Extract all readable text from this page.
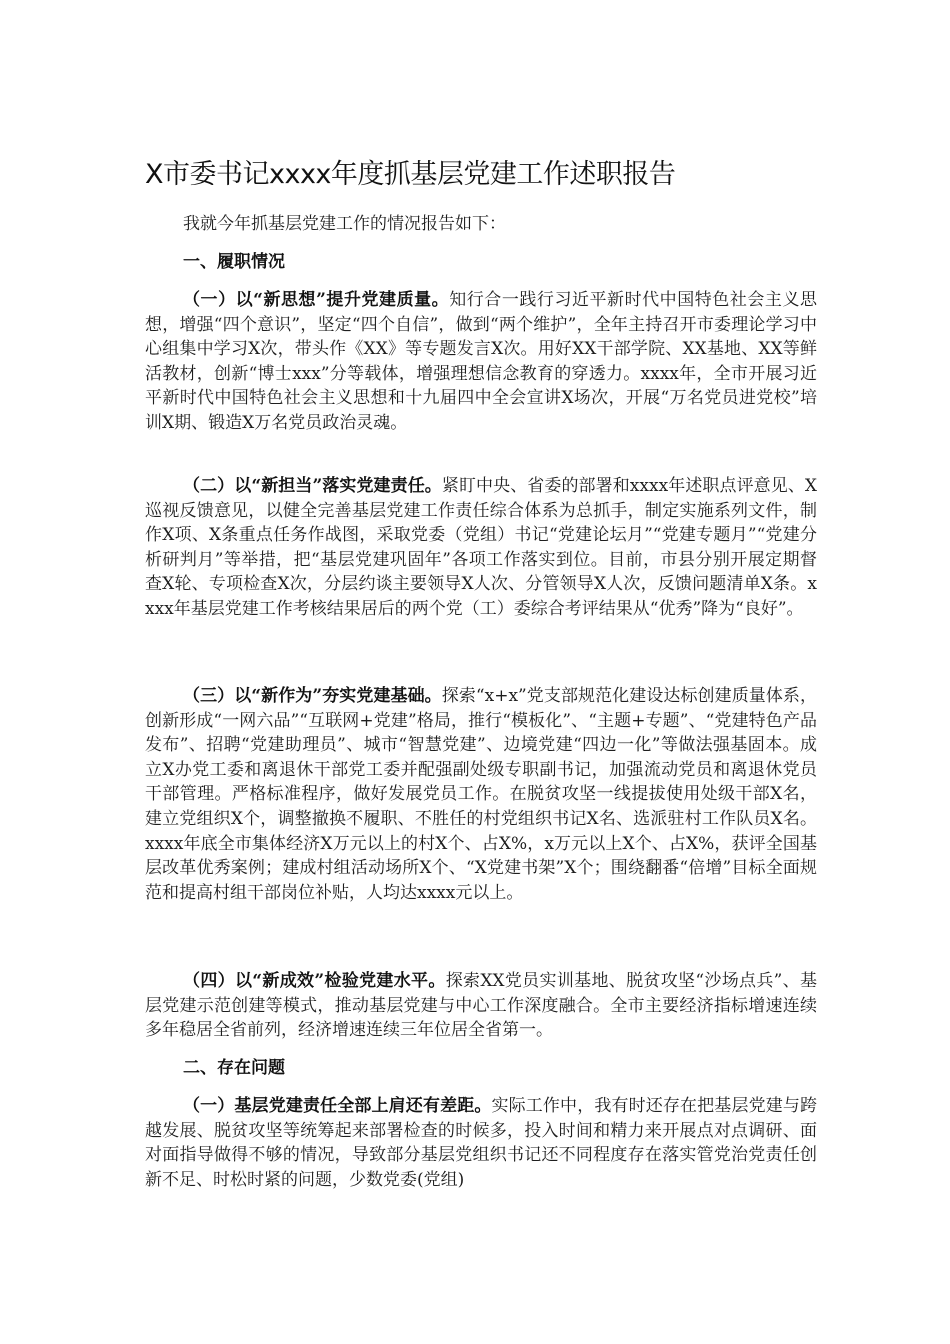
X市委书记xxxx年度抓基层党建工作述职报告

我就今年抓基层党建工作的情况报告如下：

一、履职情况

（一）以“新思想”提升党建质量。知行合一践行习近平新时代中国特色社会主义思想，增强“四个意识”，坚定“四个自信”，做到“两个维护”，全年主持召开市委理论学习中心组集中学习X次，带头作《XX》等专题发言X次。用好XX干部学院、XX基地、XX等鲜活教材，创新“博士xxx”分等载体，增强理想信念教育的穿透力。xxxx年，全市开展习近平新时代中国特色社会主义思想和十九届四中全会宣讲X场次，开展“万名党员进党校”培训X期、锻造X万名党员政治灵魂。

（二）以“新担当”落实党建责任。紧盯中央、省委的部署和xxxx年述职点评意见、X巡视反馈意见，以健全完善基层党建工作责任综合体系为总抓手，制定实施系列文件，制作X项、X条重点任务作战图，采取党委（党组）书记“党建论坛月”“党建专题月”“党建分析研判月”等举措，把“基层党建巩固年”各项工作落实到位。目前，市县分别开展定期督查X轮、专项检查X次，分层约谈主要领导X人次、分管领导X人次，反馈问题清单X条。xxxx年基层党建工作考核结果居后的两个党（工）委综合考评结果从“优秀”降为“良好”。

（三）以“新作为”夯实党建基础。探索“x+x”党支部规范化建设达标创建质量体系，创新形成“一网六品”“互联网+党建”格局，推行“模板化”、“主题+专题”、“党建特色产品发布”、招聘“党建助理员”、城市“智慧党建”、边境党建“四边一化”等做法强基固本。成立X办党工委和离退休干部党工委并配强副处级专职副书记，加强流动党员和离退休党员干部管理。严格标准程序，做好发展党员工作。在脱贫攻坚一线提拔使用处级干部X名，建立党组织X个，调整撤换不履职、不胜任的村党组织书记X名、选派驻村工作队员X名。xxxx年底全市集体经济X万元以上的村X个、占X%，x万元以上X个、占X%，获评全国基层改革优秀案例；建成村组活动场所X个、“X党建书架”X个；围绕翻番“倍增”目标全面规范和提高村组干部岗位补贴，人均达xxxx元以上。

（四）以“新成效”检验党建水平。探索XX党员实训基地、脱贫攻坚“沙场点兵”、基层党建示范创建等模式，推动基层党建与中心工作深度融合。全市主要经济指标增速连续多年稳居全省前列，经济增速连续三年位居全省第一。

二、存在问题

（一）基层党建责任全部上肩还有差距。实际工作中，我有时还存在把基层党建与跨越发展、脱贫攻坚等统筹起来部署检查的时候多，投入时间和精力来开展点对点调研、面对面指导做得不够的情况，导致部分基层党组织书记还不同程度存在落实管党治党责任创新不足、时松时紧的问题，少数党委(党组)
